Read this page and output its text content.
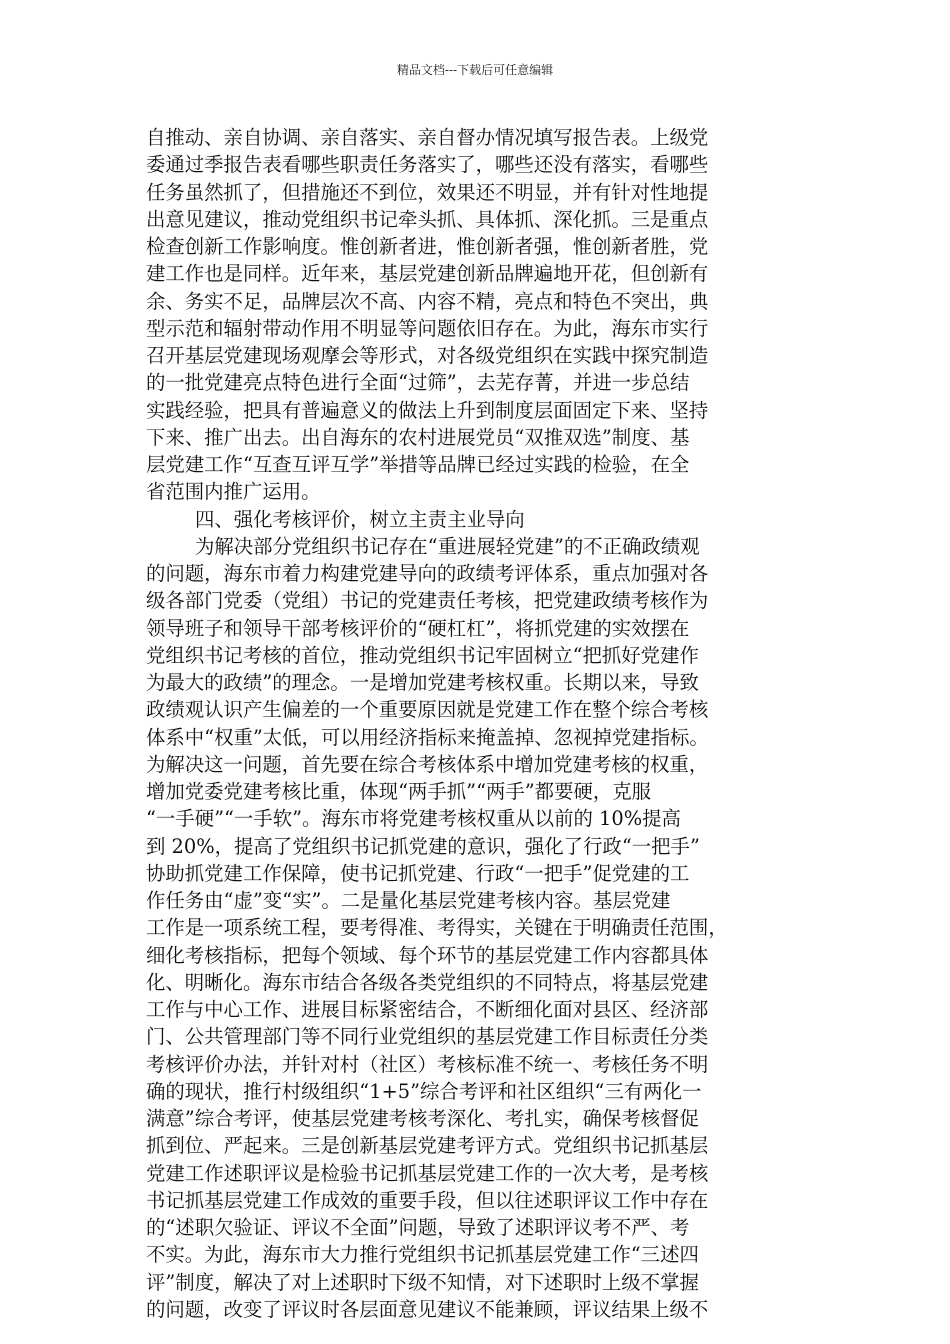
精品文档---下载后可任意编辑
自推动、亲自协调、亲自落实、亲自督办情况填写报告表。上级党
委通过季报告表看哪些职责任务落实了，哪些还没有落实，看哪些
任务虽然抓了，但措施还不到位，效果还不明显，并有针对性地提
出意见建议，推动党组织书记牵头抓、具体抓、深化抓。三是重点
检查创新工作影响度。惟创新者进，惟创新者强，惟创新者胜，党
建工作也是同样。近年来，基层党建创新品牌遍地开花，但创新有
余、务实不足，品牌层次不高、内容不精，亮点和特色不突出，典
型示范和辐射带动作用不明显等问题依旧存在。为此，海东市实行
召开基层党建现场观摩会等形式，对各级党组织在实践中探究制造
的一批党建亮点特色进行全面“过筛”，去芜存菁，并进一步总结
实践经验，把具有普遍意义的做法上升到制度层面固定下来、坚持
下来、推广出去。出自海东的农村进展党员“双推双选”制度、基
层党建工作“互查互评互学”举措等品牌已经过实践的检验，在全
省范围内推广运用。
四、强化考核评价，树立主责主业导向
为解决部分党组织书记存在“重进展轻党建”的不正确政绩观
的问题，海东市着力构建党建导向的政绩考评体系，重点加强对各
级各部门党委（党组）书记的党建责任考核，把党建政绩考核作为
领导班子和领导干部考核评价的“硬杠杠”，将抓党建的实效摆在
党组织书记考核的首位，推动党组织书记牢固树立“把抓好党建作
为最大的政绩”的理念。一是增加党建考核权重。长期以来，导致
政绩观认识产生偏差的一个重要原因就是党建工作在整个综合考核
体系中“权重”太低，可以用经济指标来掩盖掉、忽视掉党建指标。
为解决这一问题，首先要在综合考核体系中增加党建考核的权重，
增加党委党建考核比重，体现“两手抓”“两手”都要硬，克服
“一手硬”“一手软”。海东市将党建考核权重从以前的 10%提高
到 20%，提高了党组织书记抓党建的意识，强化了行政“一把手”
协助抓党建工作保障，使书记抓党建、行政“一把手”促党建的工
作任务由“虚”变“实”。二是量化基层党建考核内容。基层党建
工作是一项系统工程，要考得准、考得实，关键在于明确责任范围，
细化考核指标，把每个领域、每个环节的基层党建工作内容都具体
化、明晰化。海东市结合各级各类党组织的不同特点，将基层党建
工作与中心工作、进展目标紧密结合，不断细化面对县区、经济部
门、公共管理部门等不同行业党组织的基层党建工作目标责任分类
考核评价办法，并针对村（社区）考核标准不统一、考核任务不明
确的现状，推行村级组织“1+5”综合考评和社区组织“三有两化一
满意”综合考评，使基层党建考核考深化、考扎实，确保考核督促
抓到位、严起来。三是创新基层党建考评方式。党组织书记抓基层
党建工作述职评议是检验书记抓基层党建工作的一次大考，是考核
书记抓基层党建工作成效的重要手段，但以往述职评议工作中存在
的“述职欠验证、评议不全面”问题，导致了述职评议考不严、考
不实。为此，海东市大力推行党组织书记抓基层党建工作“三述四
评”制度，解决了对上述职时下级不知情，对下述职时上级不掌握
的问题，改变了评议时各层面意见建议不能兼顾，评议结果上级不
